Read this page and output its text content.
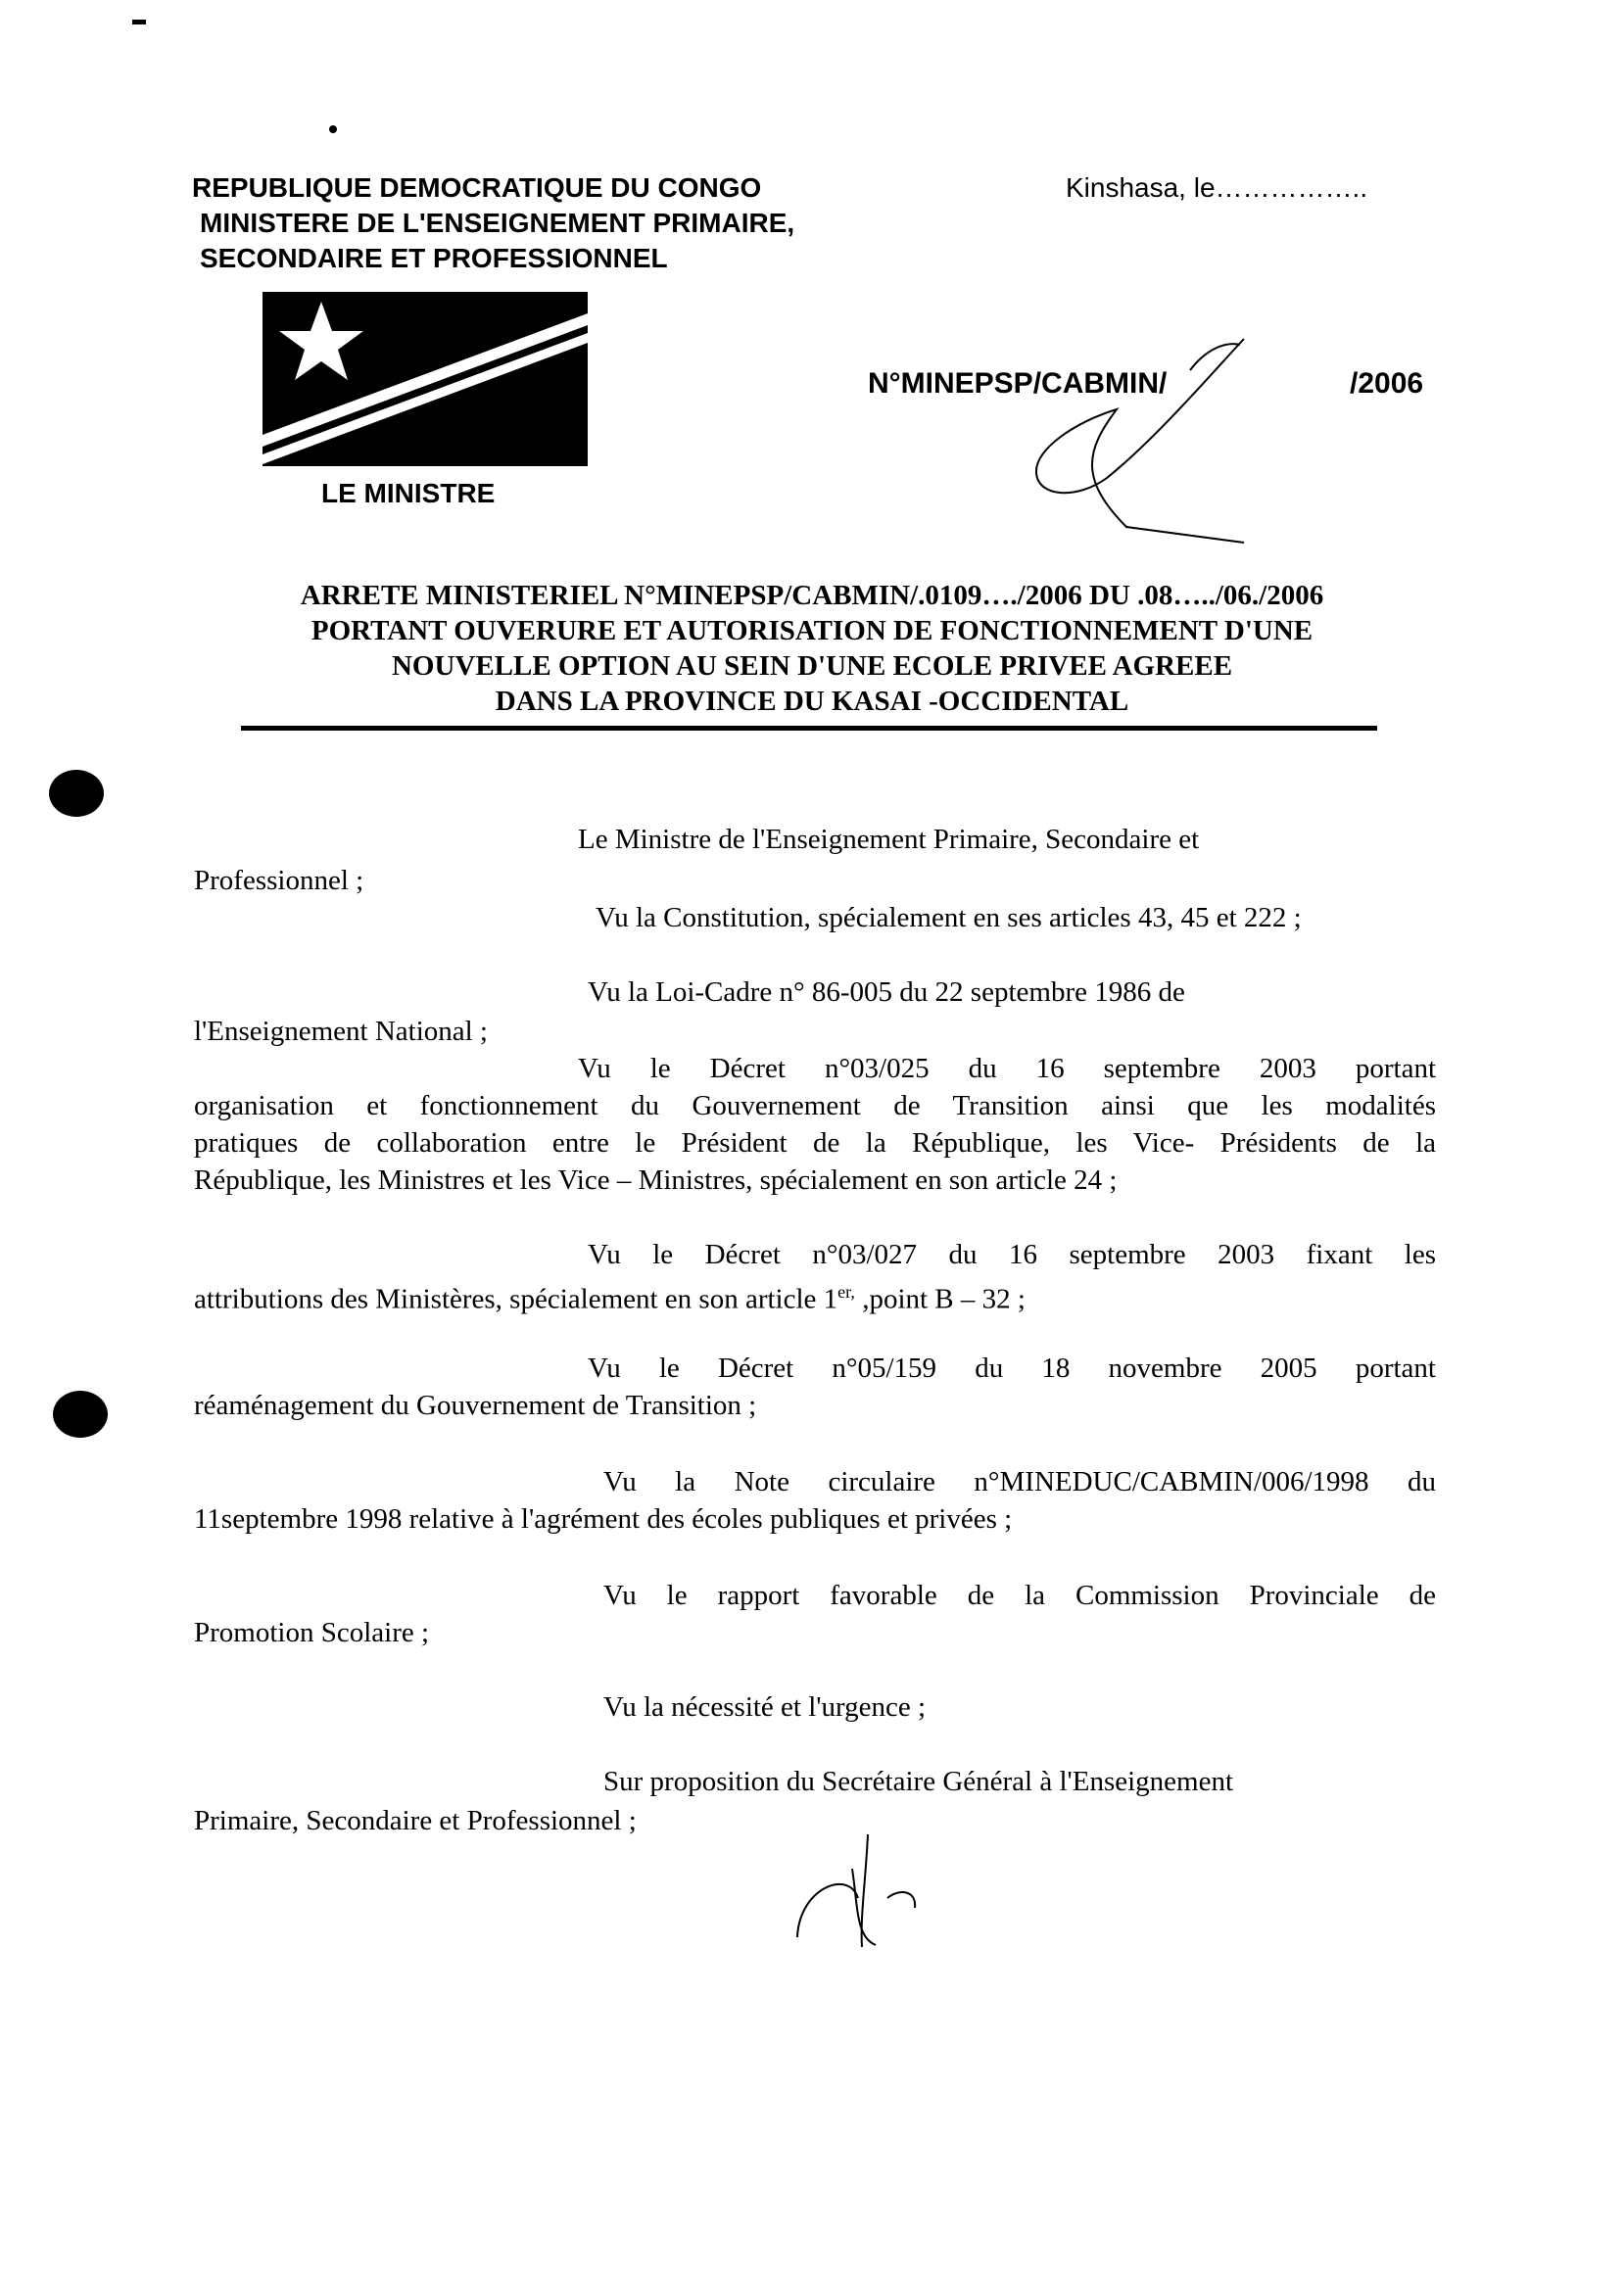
REPUBLIQUE DEMOCRATIQUE DU CONGO
MINISTERE DE L'ENSEIGNEMENT PRIMAIRE,
SECONDAIRE ET PROFESSIONNEL
Kinshasa, le……………..
LE MINISTRE
N°MINEPSP/CABMIN/	/2006
ARRETE MINISTERIEL N°MINEPSP/CABMIN/.0109…./2006 DU .08…../06./2006
PORTANT OUVERURE ET AUTORISATION DE FONCTIONNEMENT D'UNE
NOUVELLE OPTION AU SEIN D'UNE ECOLE PRIVEE AGREEE
DANS LA PROVINCE DU KASAI -OCCIDENTAL
Le Ministre de l'Enseignement Primaire, Secondaire et
Professionnel ;
Vu la Constitution, spécialement en ses articles 43, 45 et 222 ;
Vu la Loi-Cadre n° 86-005 du 22 septembre 1986 de
l'Enseignement National ;
Vu le Décret n°03/025 du 16 septembre 2003 portant
organisation et fonctionnement du Gouvernement de Transition ainsi que les modalités
pratiques de collaboration entre le Président de la République, les Vice- Présidents de la
République, les Ministres et les Vice – Ministres, spécialement en son article 24 ;
Vu le Décret n°03/027 du 16 septembre 2003 fixant les
attributions des Ministères, spécialement en son article $1^{er,}$ ,point B – 32 ;
Vu le Décret n°05/159 du 18 novembre 2005 portant
réaménagement du Gouvernement de Transition ;
Vu la Note circulaire n°MINEDUC/CABMIN/006/1998 du
11septembre 1998 relative à l'agrément des écoles publiques et privées ;
Vu le rapport favorable de la Commission Provinciale de
Promotion Scolaire ;
Vu la nécessité et l'urgence ;
Sur proposition du Secrétaire Général à l'Enseignement
Primaire, Secondaire et Professionnel ;
